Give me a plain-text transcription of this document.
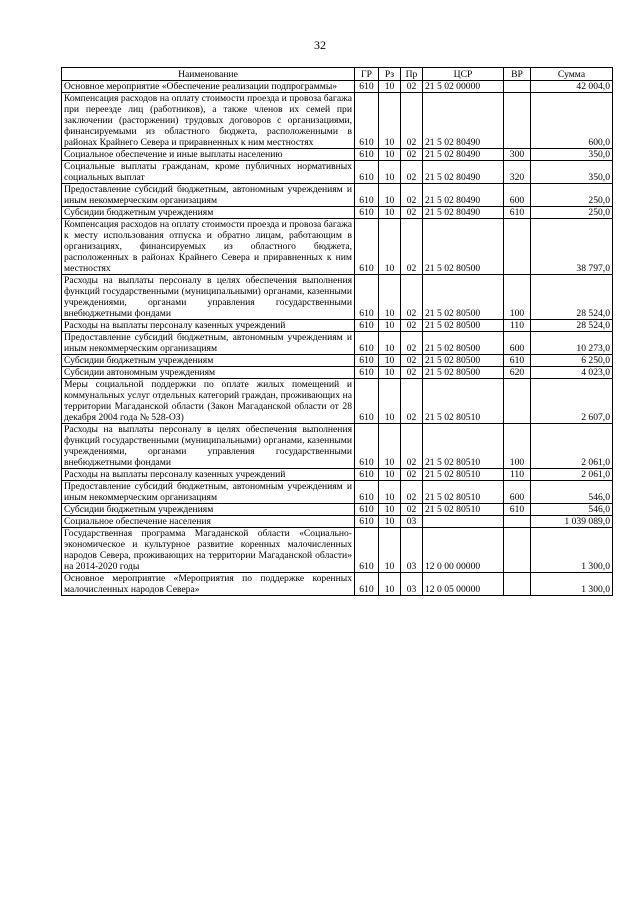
32
Наименование	ГР	Рз	Пр	ЦСР	ВР	Сумма
Основное мероприятие «Обеспечение реализации подпрограммы»	610	10	02	21 5 02 00000		42 004,0
Компенсация расходов на оплату стоимости проезда и провоза багажа при переезде лиц (работников), а также членов их семей при заключении (расторжении) трудовых договоров с организациями, финансируемыми из областного бюджета, расположенными в районах Крайнего Севера и приравненных к ним местностях	610	10	02	21 5 02 80490		600,0
Социальное обеспечение и иные выплаты населению	610	10	02	21 5 02 80490	300	350,0
Социальные выплаты гражданам, кроме публичных нормативных социальных выплат	610	10	02	21 5 02 80490	320	350,0
Предоставление субсидий бюджетным, автономным учреждениям и иным некоммерческим организациям	610	10	02	21 5 02 80490	600	250,0
Субсидии бюджетным учреждениям	610	10	02	21 5 02 80490	610	250,0
Компенсация расходов на оплату стоимости проезда и провоза багажа к месту использования отпуска и обратно лицам, работающим в организациях, финансируемых из областного бюджета, расположенных в районах Крайнего Севера и приравненных к ним местностях	610	10	02	21 5 02 80500		38 797,0
Расходы на выплаты персоналу в целях обеспечения выполнения функций государственными (муниципальными) органами, казенными учреждениями, органами управления государственными внебюджетными фондами	610	10	02	21 5 02 80500	100	28 524,0
Расходы на выплаты персоналу казенных учреждений	610	10	02	21 5 02 80500	110	28 524,0
Предоставление субсидий бюджетным, автономным учреждениям и иным некоммерческим организациям	610	10	02	21 5 02 80500	600	10 273,0
Субсидии бюджетным учреждениям	610	10	02	21 5 02 80500	610	6 250,0
Субсидии автономным учреждениям	610	10	02	21 5 02 80500	620	4 023,0
Меры социальной поддержки по оплате жилых помещений и коммунальных услуг отдельных категорий граждан, проживающих на территории Магаданской области (Закон Магаданской области от 28 декабря 2004 года № 528-ОЗ)	610	10	02	21 5 02 80510		2 607,0
Расходы на выплаты персоналу в целях обеспечения выполнения функций государственными (муниципальными) органами, казенными учреждениями, органами управления государственными внебюджетными фондами	610	10	02	21 5 02 80510	100	2 061,0
Расходы на выплаты персоналу казенных учреждений	610	10	02	21 5 02 80510	110	2 061,0
Предоставление субсидий бюджетным, автономным учреждениям и иным некоммерческим организациям	610	10	02	21 5 02 80510	600	546,0
Субсидии бюджетным учреждениям	610	10	02	21 5 02 80510	610	546,0
Социальное обеспечение населения	610	10	03			1 039 089,0
Государственная программа Магаданской области «Социально-экономическое и культурное развитие коренных малочисленных народов Севера, проживающих на территории Магаданской области» на 2014-2020 годы	610	10	03	12 0 00 00000		1 300,0
Основное мероприятие «Мероприятия по поддержке коренных малочисленных народов Севера»	610	10	03	12 0 05 00000		1 300,0
